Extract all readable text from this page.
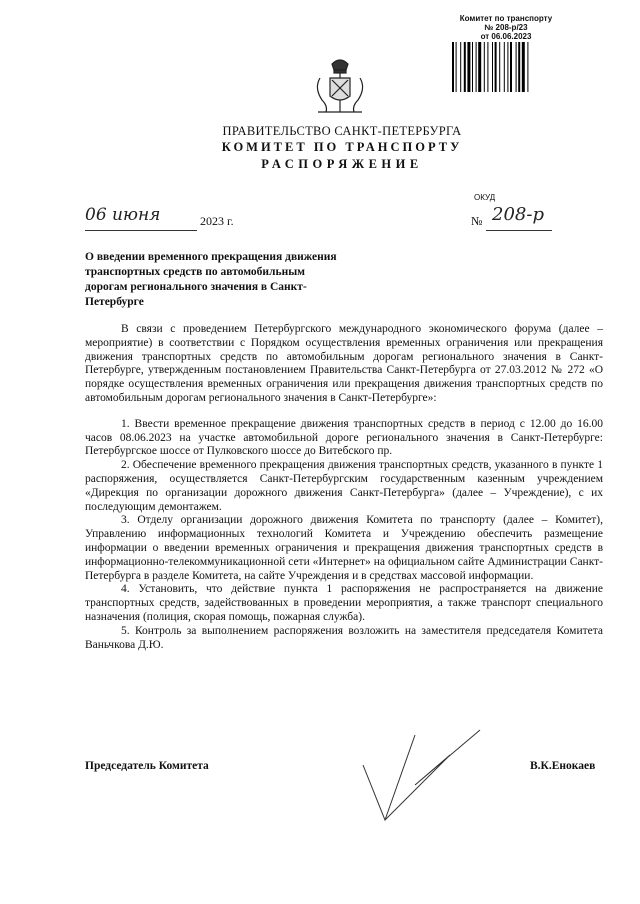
Комитет по транспорту
№ 208-р/23
от 06.06.2023
ПРАВИТЕЛЬСТВО САНКТ-ПЕТЕРБУРГА
КОМИТЕТ ПО ТРАНСПОРТУ
РАСПОРЯЖЕНИЕ
ОКУД
06 июня	2023 г.	№ 208-р
О введении временного прекращения движения транспортных средств по автомобильным дорогам регионального значения в Санкт-Петербурге

В связи с проведением Петербургского международного экономического форума (далее – мероприятие) в соответствии с Порядком осуществления временных ограничения или прекращения движения транспортных средств по автомобильным дорогам регионального значения в Санкт-Петербурге, утвержденным постановлением Правительства Санкт-Петербурга от 27.03.2012 № 272 «О порядке осуществления временных ограничения или прекращения движения транспортных средств по автомобильным дорогам регионального значения в Санкт-Петербурге»:

1. Ввести временное прекращение движения транспортных средств в период с 12.00 до 16.00 часов 08.06.2023 на участке автомобильной дороге регионального значения в Санкт-Петербурге: Петербургское шоссе от Пулковского шоссе до Витебского пр.

2. Обеспечение временного прекращения движения транспортных средств, указанного в пункте 1 распоряжения, осуществляется Санкт-Петербургским государственным казенным учреждением «Дирекция по организации дорожного движения Санкт-Петербурга» (далее – Учреждение), с их последующим демонтажем.

3. Отделу организации дорожного движения Комитета по транспорту (далее – Комитет), Управлению информационных технологий Комитета и Учреждению обеспечить размещение информации о введении временных ограничения и прекращения движения транспортных средств в информационно-телекоммуникационной сети «Интернет» на официальном сайте Администрации Санкт-Петербурга в разделе Комитета, на сайте Учреждения и в средствах массовой информации.

4. Установить, что действие пункта 1 распоряжения не распространяется на движение транспортных средств, задействованных в проведении мероприятия, а также транспорт специального назначения (полиция, скорая помощь, пожарная служба).

5. Контроль за выполнением распоряжения возложить на заместителя председателя Комитета Ваньчкова Д.Ю.

Председатель Комитета	В.К.Енокаев
